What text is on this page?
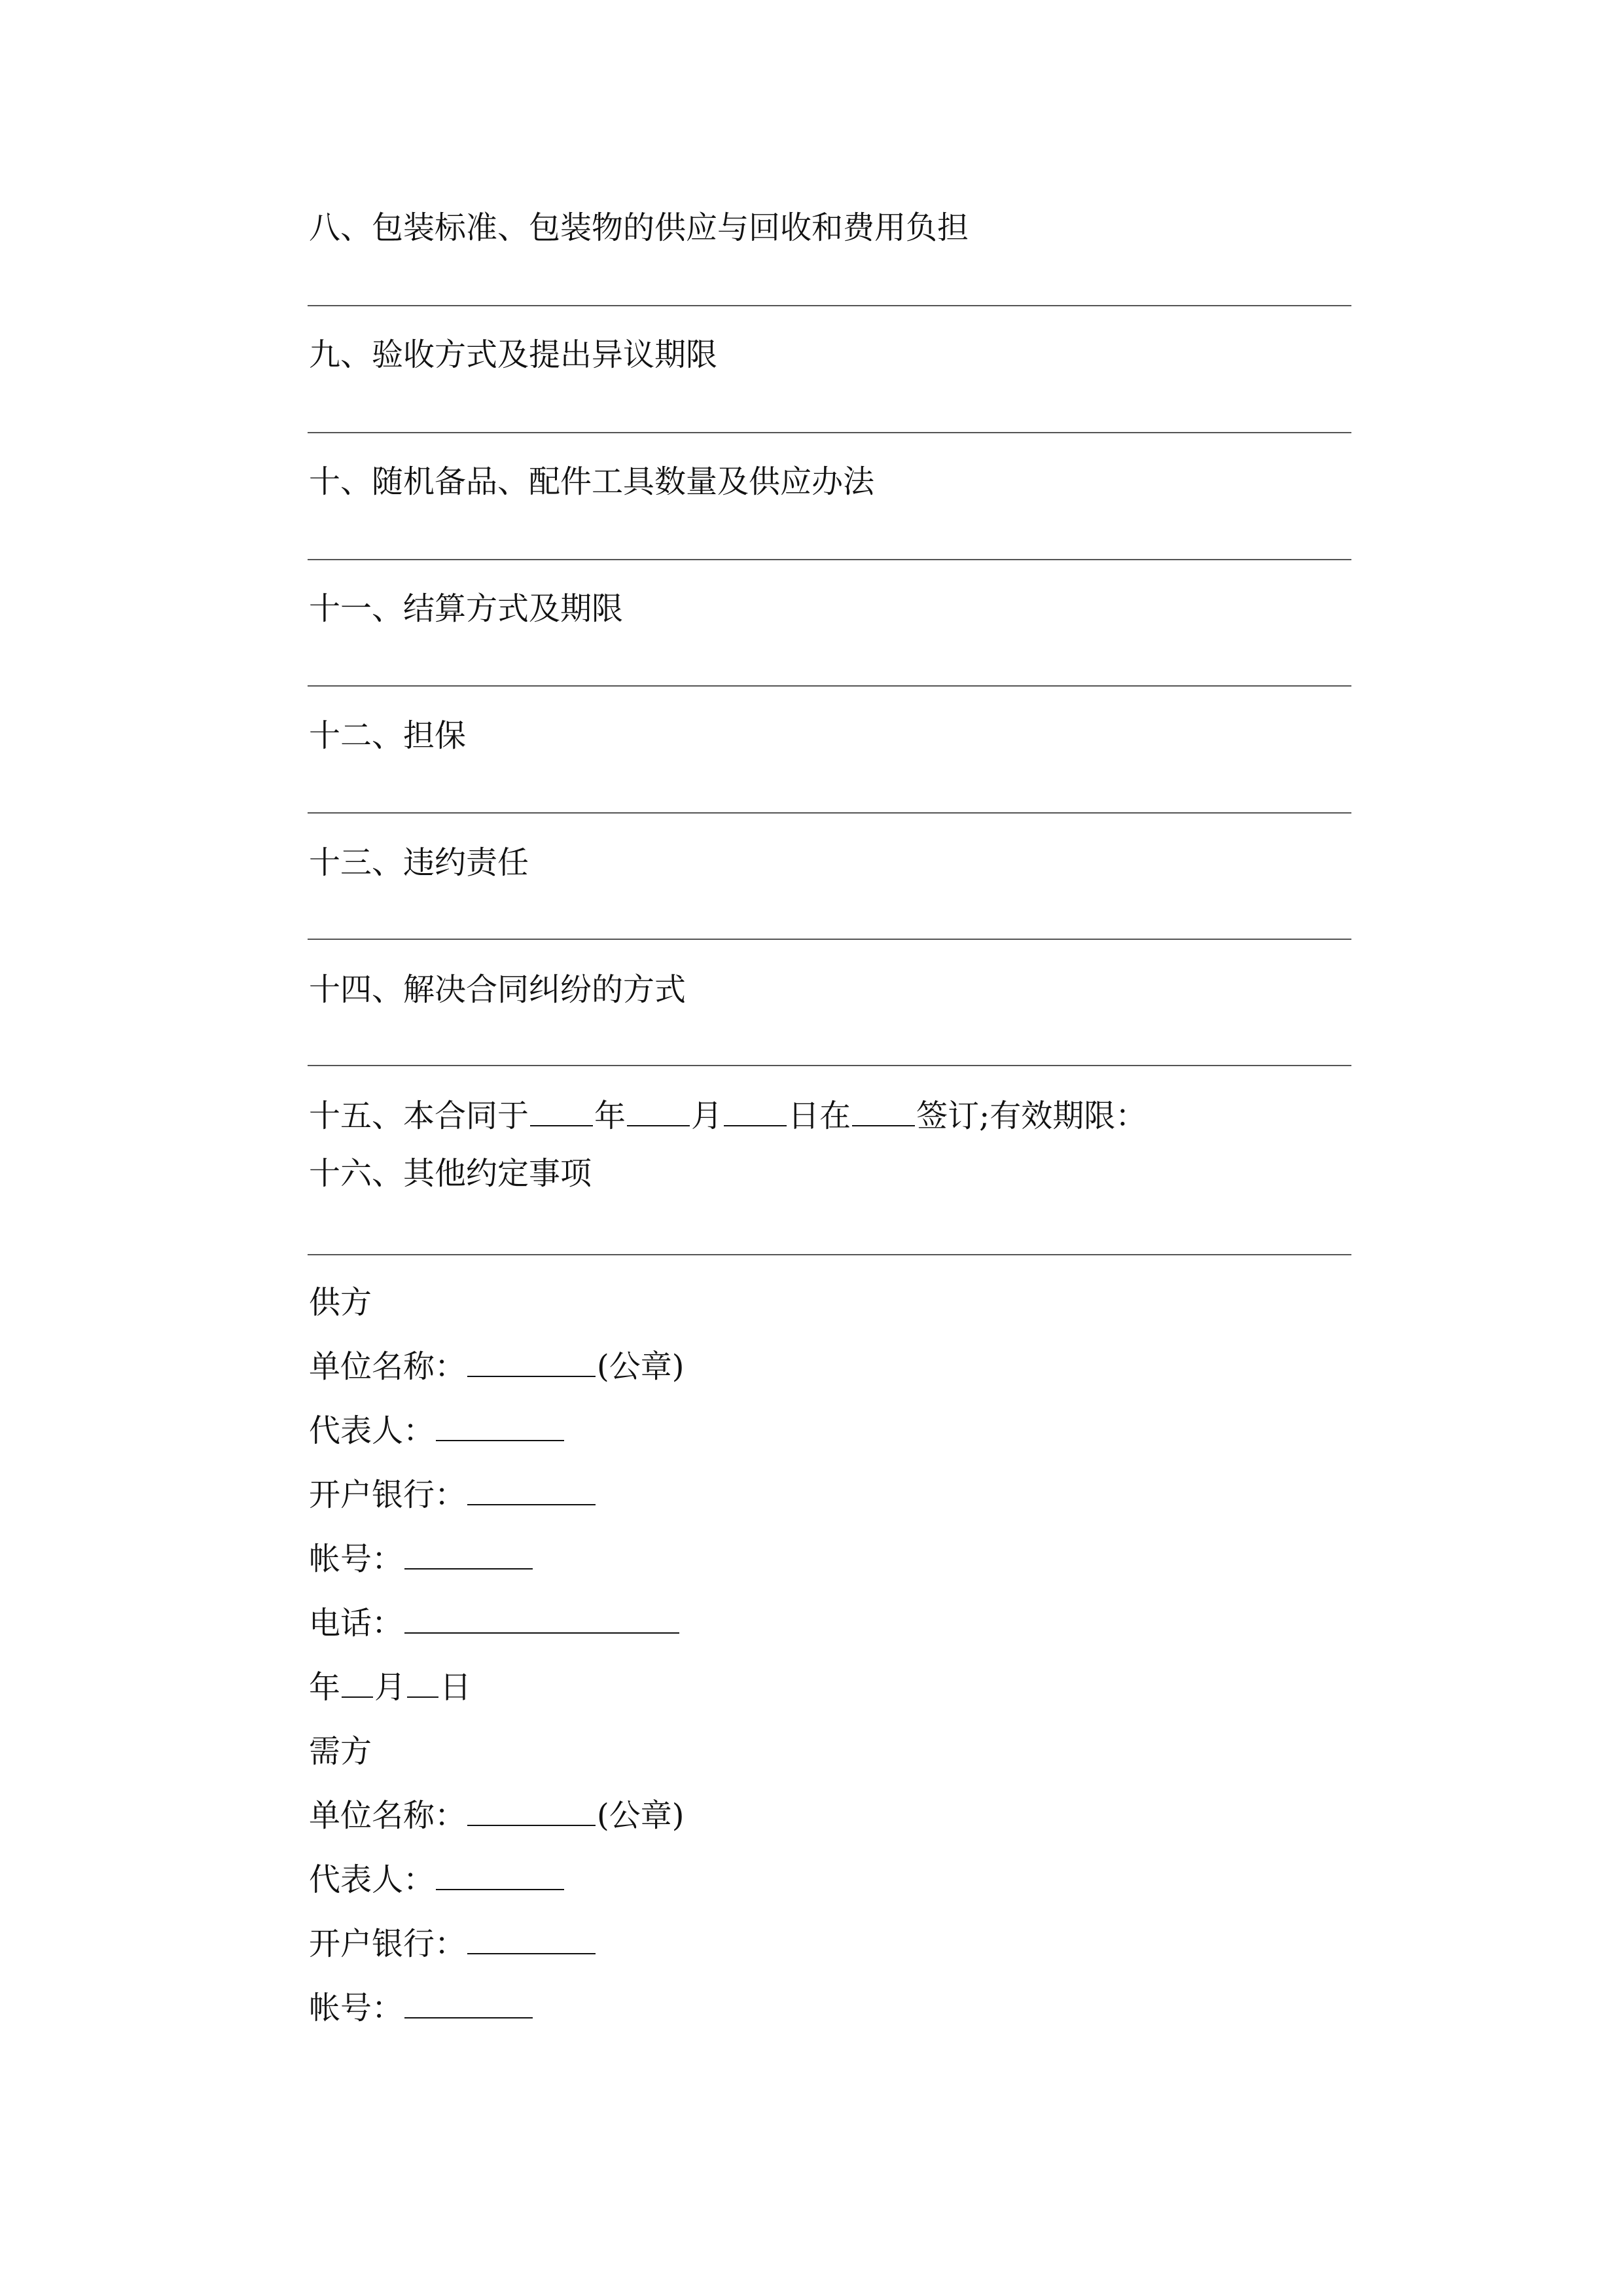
八、包装标准、包装物的供应与回收和费用负担
九、验收方式及提出异议期限
十、随机备品、配件工具数量及供应办法
十一、结算方式及期限
十二、担保
十三、违约责任
十四、解决合同纠纷的方式
十五、本合同于 年 月 日在 签订;有效期限：
十六、其他约定事项
供方
单位名称：	(公章)
代表人：
开户银行：
帐号：
电话：
年 月 日
需方
单位名称：	(公章)
代表人：
开户银行：
帐号：
